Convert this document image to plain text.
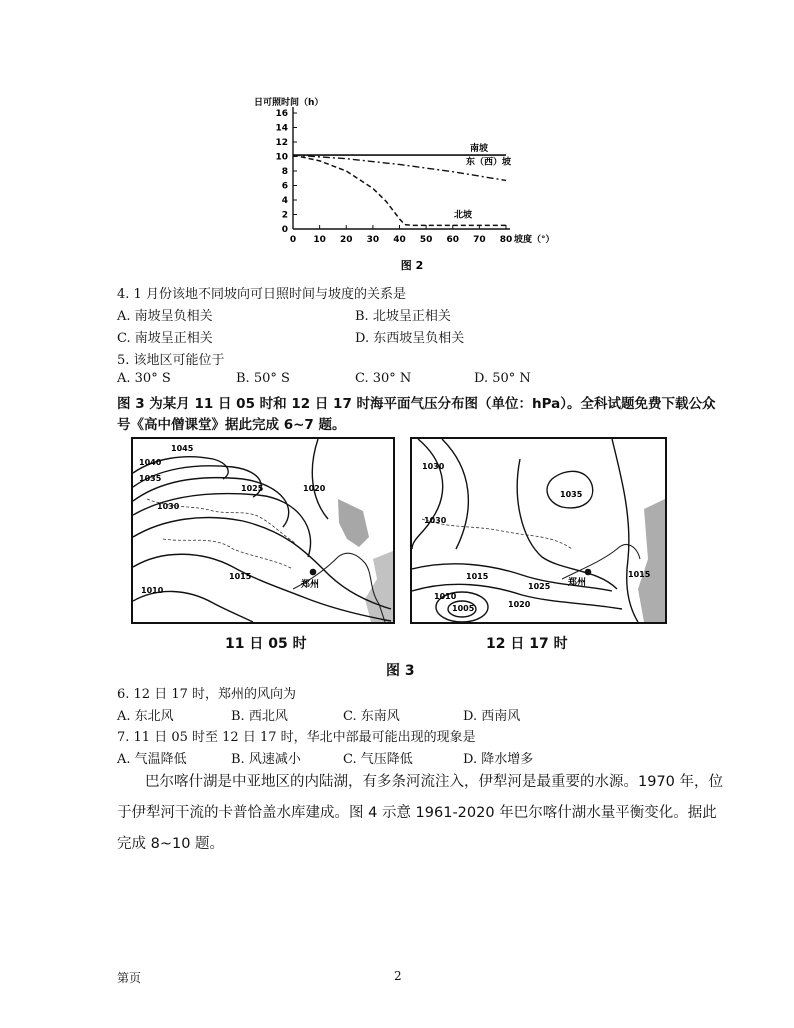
日可照时间（h）
0
2
4
6
8
10
12
14
16
0 10 20 30 40 50 60 70 80 坡度（°）
南坡
东（西）坡
北坡
图 2
4. 1 月份该地不同坡向可日照时间与坡度的关系是
A. 南坡呈负相关	B. 北坡呈正相关
C. 南坡呈正相关	D. 东西坡呈负相关
5. 该地区可能位于
A. 30° S	B. 50° S	C. 30° N	D. 50° N
图 3 为某月 11 日 05 时和 12 日 17 时海平面气压分布图（单位：hPa）。全科试题免费下载公众
号《高中僧课堂》据此完成 6~7 题。
1045
1040
1035
1030
1025	1020
1015
1010
郑州
11 日 05 时
1030
1035
1030
1015
1025
1020
1010
1005
1015
郑州
12 日 17 时
图 3
6. 12 日 17 时，郑州的风向为
A. 东北风	B. 西北风	C. 东南风	D. 西南风
7. 11 日 05 时至 12 日 17 时，华北中部最可能出现的现象是
A. 气温降低	B. 风速减小	C. 气压降低	D. 降水增多
巴尔喀什湖是中亚地区的内陆湖，有多条河流注入，伊犁河是最重要的水源。1970 年，位
于伊犁河干流的卡普恰盖水库建成。图 4 示意 1961-2020 年巴尔喀什湖水量平衡变化。据此
完成 8~10 题。
第页	2
